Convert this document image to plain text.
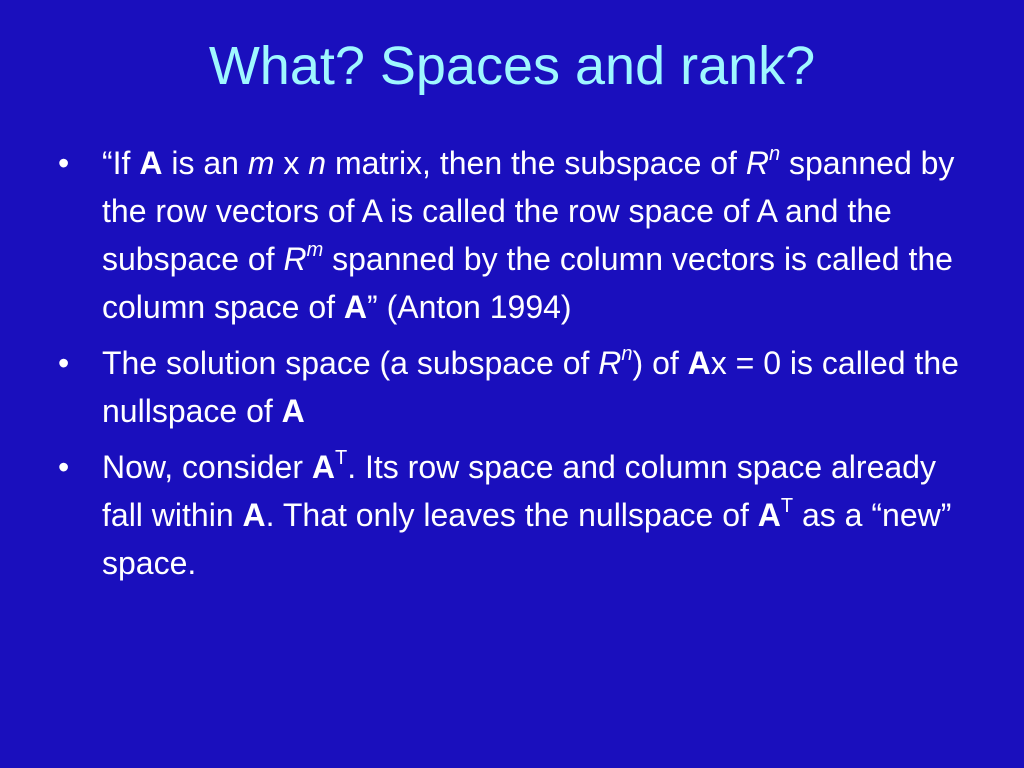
What? Spaces and rank?
•	“If A is an m x n matrix, then the subspace of $R^n$ spanned by the row vectors of A is called the row space of A and the subspace of $R^m$ spanned by the column vectors is called the column space of A” (Anton 1994)
•	The solution space (a subspace of $R^n$) of Ax = 0 is called the nullspace of A
•	Now, consider $A^T$. Its row space and column space already fall within A. That only leaves the nullspace of $A^T$ as a “new” space.
